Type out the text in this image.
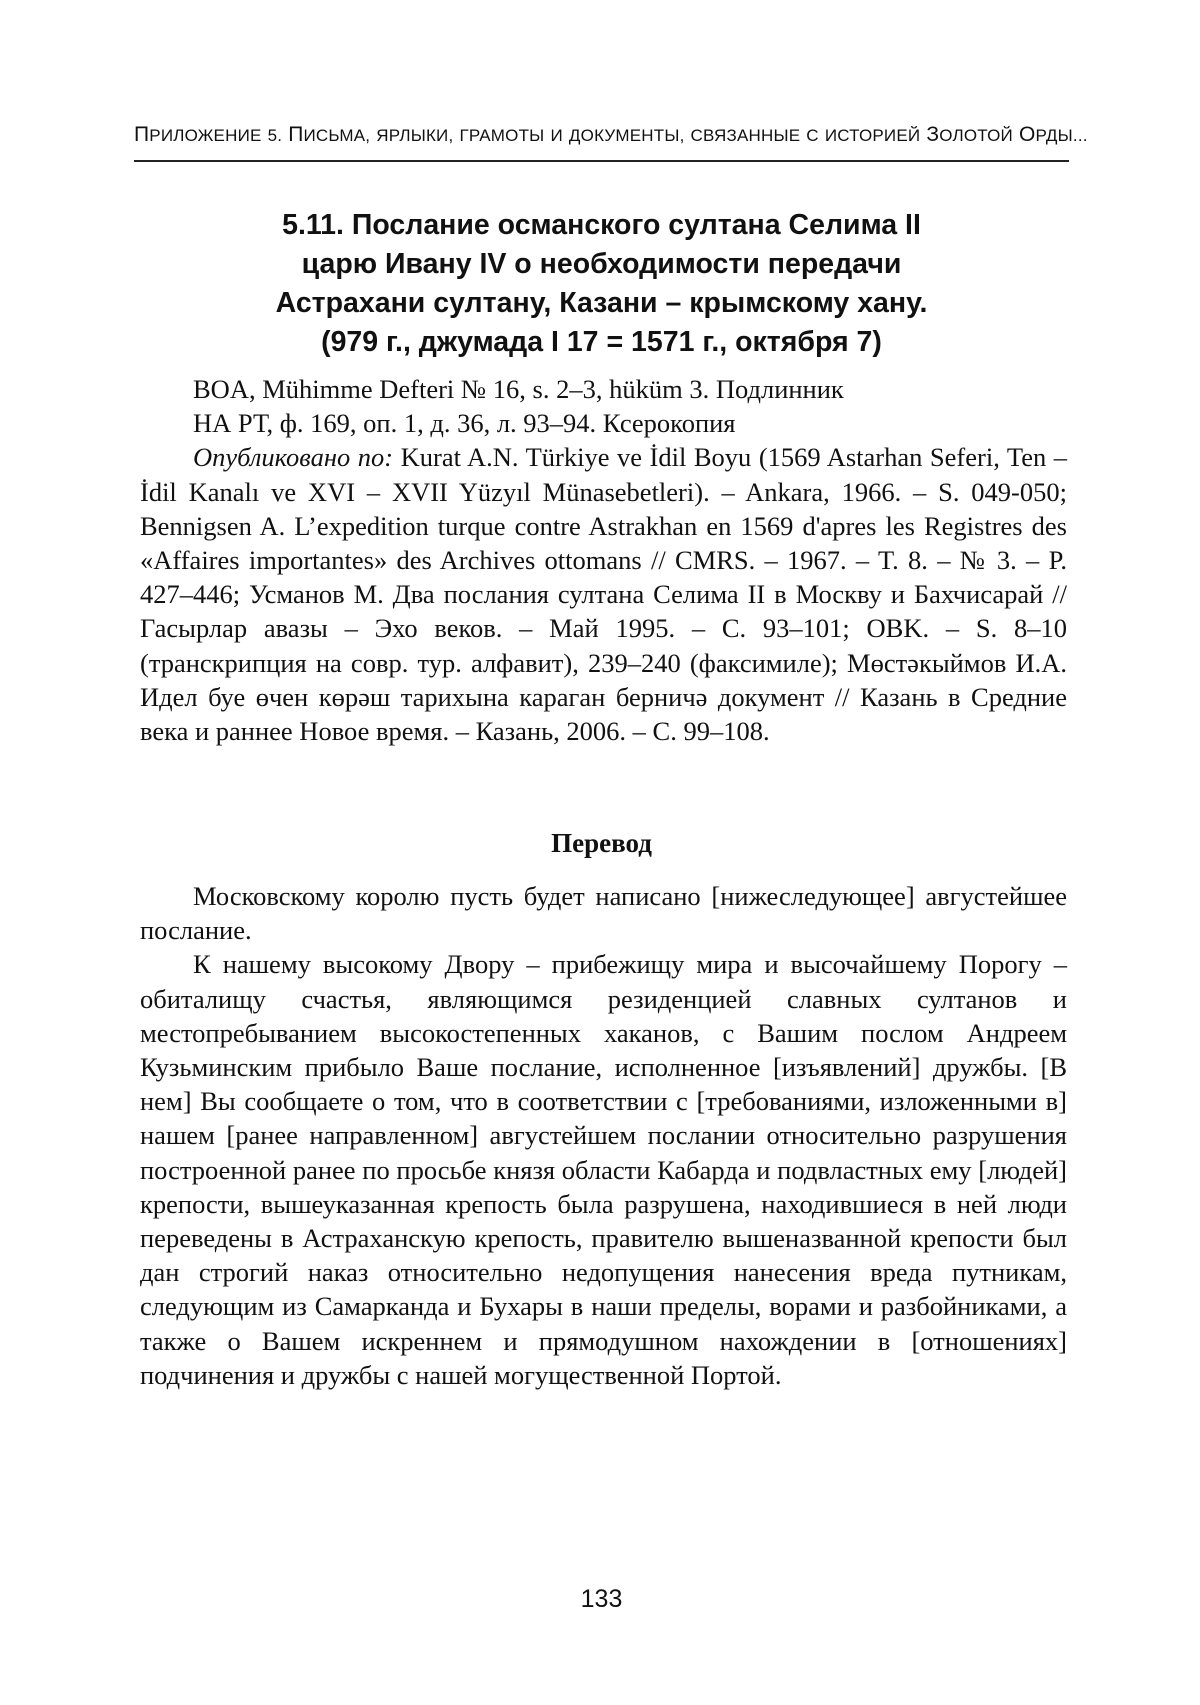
ПРИЛОЖЕНИЕ 5. ПИСЬМА, ЯРЛЫКИ, ГРАМОТЫ И ДОКУМЕНТЫ, СВЯЗАННЫЕ С ИСТОРИЕЙ ЗОЛОТОЙ ОРДЫ...
5.11. Послание османского султана Селима II
царю Ивану IV о необходимости передачи
Астрахани султану, Казани – крымскому хану.
(979 г., джумада I 17 = 1571 г., октября 7)

BOA, Mühimme Defteri № 16, s. 2–3, hüküm 3. Подлинник

НА РТ, ф. 169, оп. 1, д. 36, л. 93–94. Ксерокопия

Опубликовано по: Kurat A.N. Türkiye ve İdil Boyu (1569 Astarhan Seferi, Ten – İdil Kanalı ve XVI – XVII Yüzyıl Münasebetleri). – Ankara, 1966. – S. 049-050; Bennigsen A. L’expedition turque contre Astrakhan en 1569 d'apres les Registres des «Affaires importantes» des Archives ottomans // CMRS. – 1967. – T. 8. – № 3. – P. 427–446; Усманов М. Два послания султана Се­лима II в Москву и Бахчисарай // Гасырлар авазы – Эхо веков. – Май 1995. – С. 93–101; OBK. – S. 8–10 (транскрипция на совр. тур. алфавит), 239–240 (факсимиле); Мөстәкыймов И.А. Идел буе өчен көрәш тарихына караган берничә документ // Казань в Средние века и раннее Новое время. – Казань, 2006. – С. 99–108.

Перевод

Московскому королю пусть будет написано [нижеследующее] августейшее послание.

К нашему высокому Двору – прибежищу мира и высочайшему Порогу – обиталищу счастья, являющимся резиденцией славных султанов и местопребыванием высокостепенных хаканов, с Вашим послом Андреем Кузьминским прибыло Ваше послание, исполнен­ное [изъявлений] дружбы. [В нем] Вы сообщаете о том, что в соот­ветствии с [требованиями, изложенными в] нашем [ранее направ­ленном] августейшем послании относительно разрушения постро­енной ранее по просьбе князя области Кабарда и подвластных ему [людей] крепости, вышеуказанная крепость была разрушена, нахо­дившиеся в ней люди переведены в Астраханскую крепость, прави­телю вышеназванной крепости был дан строгий наказ относительно недопущения нанесения вреда путникам, следующим из Самаркан­да и Бухары в наши пределы, ворами и разбойниками, а также о Вашем искреннем и прямодушном нахождении в [отношениях] подчинения и дружбы с нашей могущественной Портой.

133
